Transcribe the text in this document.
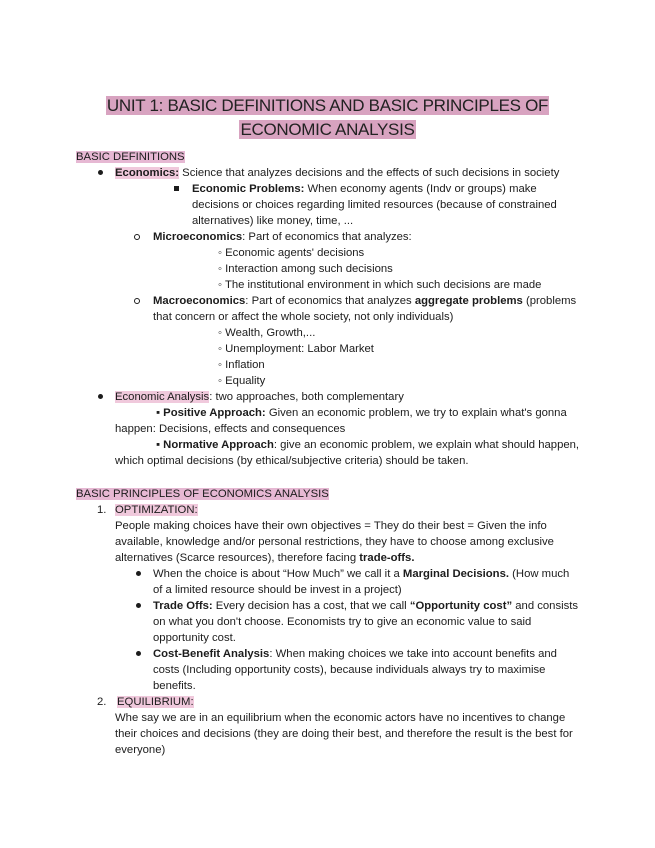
UNIT 1: BASIC DEFINITIONS AND BASIC PRINCIPLES OF
ECONOMIC ANALYSIS
BASIC DEFINITIONS
Economics: Science that analyzes decisions and the effects of such decisions in society
Economic Problems: When economy agents (Indv or groups) make
decisions or choices regarding limited resources (because of constrained
alternatives) like money, time, ...
Microeconomics: Part of economics that analyzes:
◦ Economic agents' decisions
◦ Interaction among such decisions
◦ The institutional environment in which such decisions are made
Macroeconomics: Part of economics that analyzes aggregate problems (problems
that concern or affect the whole society, not only individuals)
◦ Wealth, Growth,...
◦ Unemployment: Labor Market
◦ Inflation
◦ Equality
Economic Analysis: two approaches, both complementary
▪ Positive Approach: Given an economic problem, we try to explain what's gonna
happen: Decisions, effects and consequences
▪ Normative Approach: give an economic problem, we explain what should happen,
which optimal decisions (by ethical/subjective criteria) should be taken.
BASIC PRINCIPLES OF ECONOMICS ANALYSIS
1. OPTIMIZATION:
People making choices have their own objectives = They do their best = Given the info
available, knowledge and/or personal restrictions, they have to choose among exclusive
alternatives (Scarce resources), therefore facing trade-offs.
When the choice is about “How Much” we call it a Marginal Decisions. (How much
of a limited resource should be invest in a project)
Trade Offs: Every decision has a cost, that we call “Opportunity cost” and consists
on what you don't choose. Economists try to give an economic value to said
opportunity cost.
Cost-Benefit Analysis: When making choices we take into account benefits and
costs (Including opportunity costs), because individuals always try to maximise
benefits.
2. EQUILIBRIUM:
Whe say we are in an equilibrium when the economic actors have no incentives to change
their choices and decisions (they are doing their best, and therefore the result is the best for
everyone)
